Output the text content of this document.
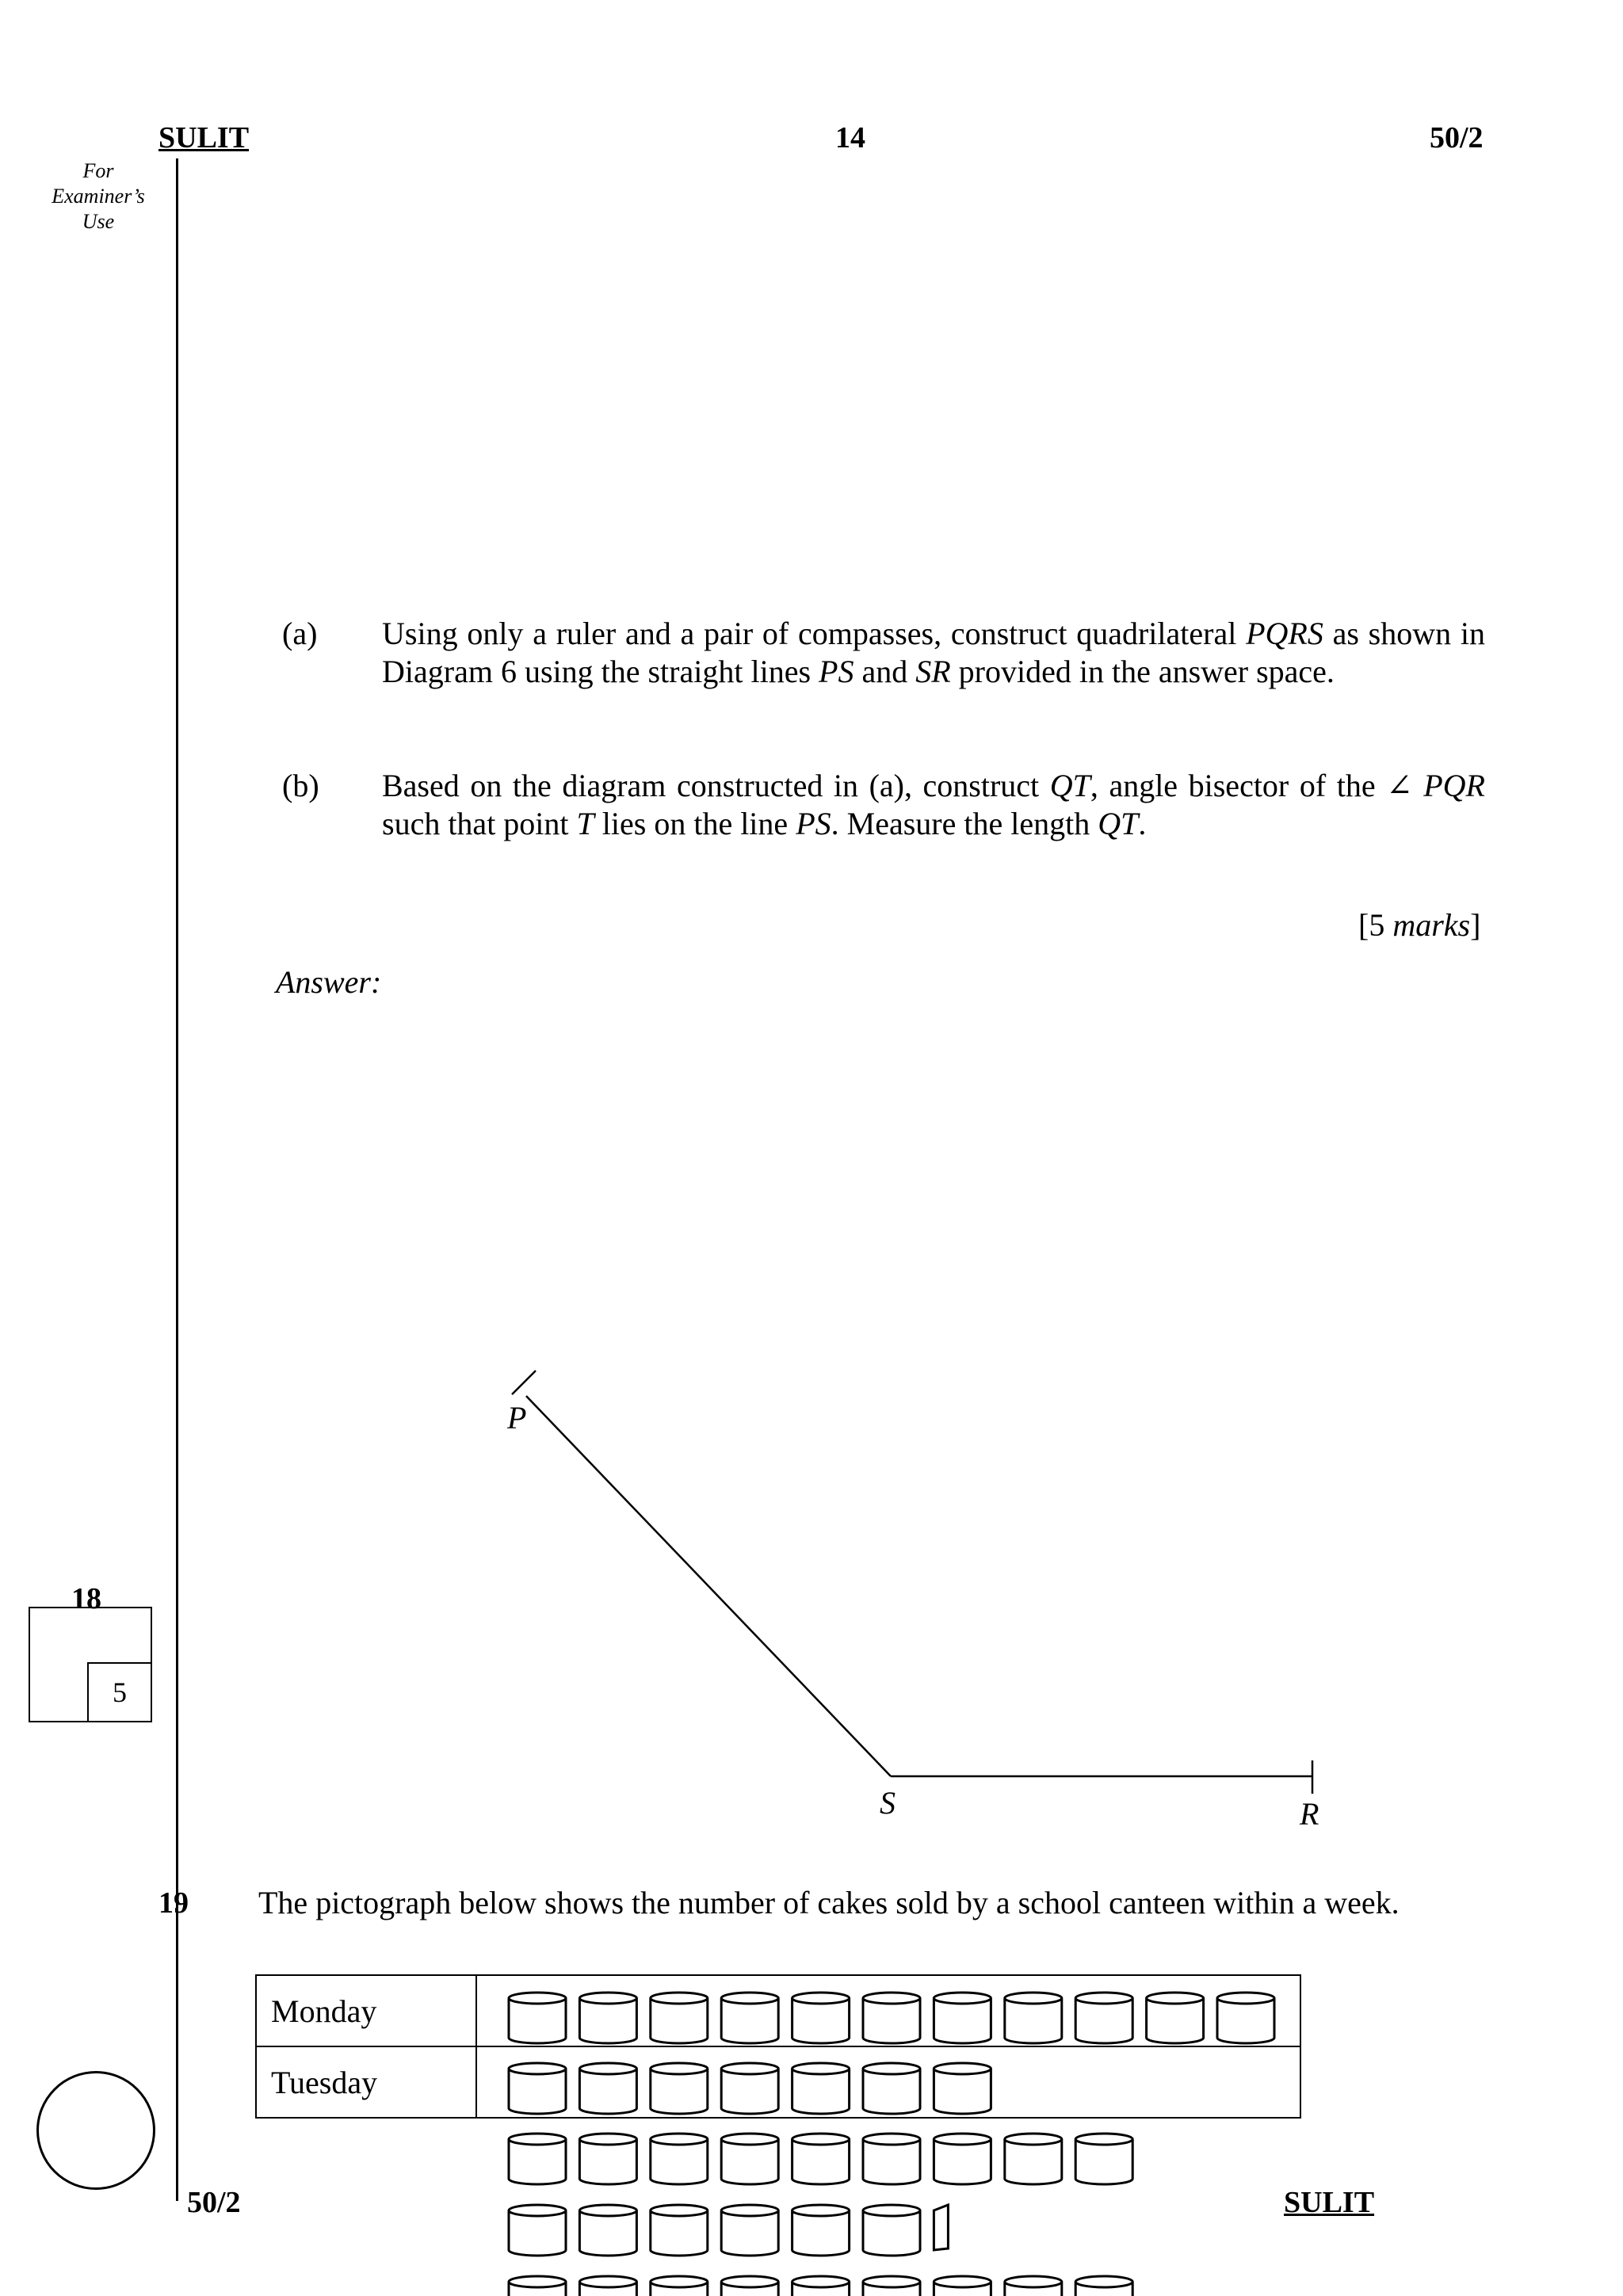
SULIT	14	50/2
For
Examiner’s
Use
(a) Using only a ruler and a pair of compasses, construct quadrilateral PQRS as shown in Diagram 6 using the straight lines PS and SR provided in the answer space.
(b) Based on the diagram constructed in (a), construct QT, angle bisector of the ∠ PQR such that point T lies on the line PS. Measure the length QT.
[5 marks]
Answer:
P
S	R
18
5
19 The pictograph below shows the number of cakes sold by a school canteen within a week.
Monday	
Tuesday	
50/2	SULIT
